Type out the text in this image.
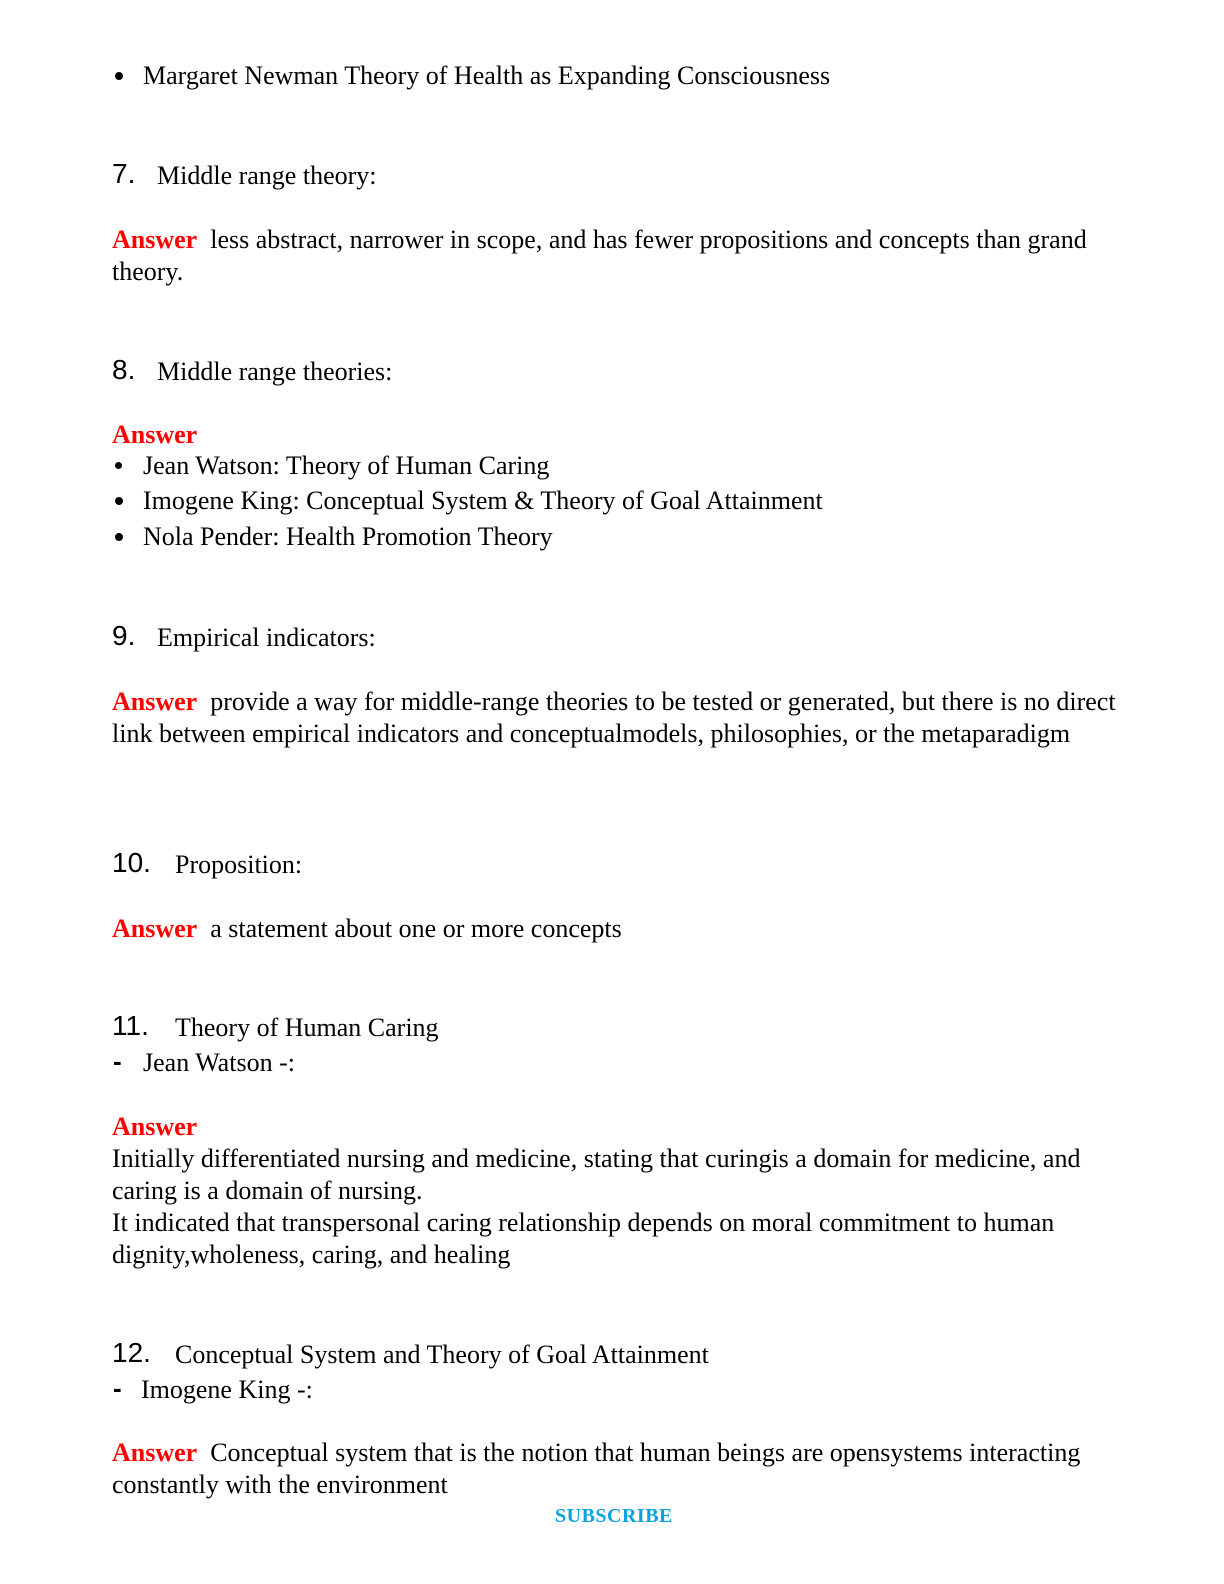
Margaret Newman Theory of Health as Expanding Consciousness
7. Middle range theory:
Answer less abstract, narrower in scope, and has fewer propositions and concepts than grand theory.
8. Middle range theories:
Answer
Jean Watson: Theory of Human Caring
Imogene King: Conceptual System & Theory of Goal Attainment
Nola Pender: Health Promotion Theory
9. Empirical indicators:
Answer provide a way for middle-range theories to be tested or generated, but there is no direct link between empirical indicators and conceptualmodels, philosophies, or the metaparadigm
10. Proposition:
Answer a statement about one or more concepts
11. Theory of Human Caring
- Jean Watson -:
Answer
Initially differentiated nursing and medicine, stating that curingis a domain for medicine, and caring is a domain of nursing.
It indicated that transpersonal caring relationship depends on moral commitment to human dignity,wholeness, caring, and healing
12. Conceptual System and Theory of Goal Attainment
- Imogene King -:
Answer Conceptual system that is the notion that human beings are opensystems interacting constantly with the environment
SUBSCRIBE
